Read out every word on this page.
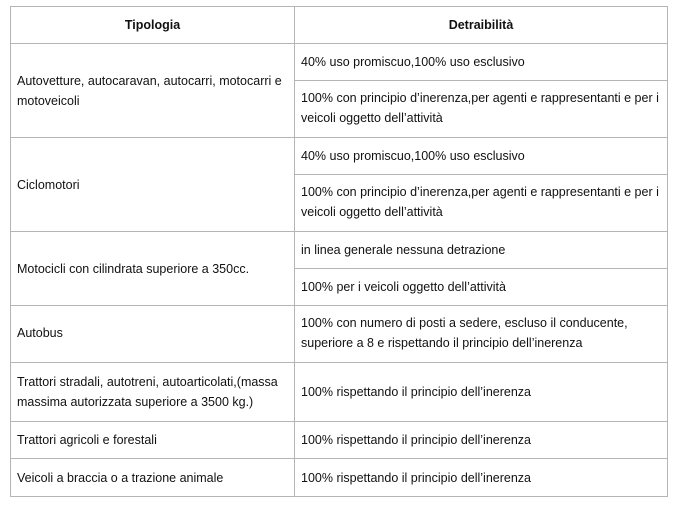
Tipologia	Detraibilità
Autovetture, autocaravan, autocarri, motocarri e motoveicoli	40% uso promiscuo,100% uso esclusivo
	100% con principio d’inerenza,per agenti e rappresentanti e per i veicoli oggetto dell’attività
Ciclomotori	40% uso promiscuo,100% uso esclusivo
	100% con principio d’inerenza,per agenti e rappresentanti e per i veicoli oggetto dell’attività
Motocicli con cilindrata superiore a 350cc.	in linea generale nessuna detrazione
	100% per i veicoli oggetto dell’attività
Autobus	100% con numero di posti a sedere, escluso il conducente, superiore a 8 e rispettando il principio dell’inerenza
Trattori stradali, autotreni, autoarticolati,(massa massima autorizzata superiore a 3500 kg.)	100% rispettando il principio dell’inerenza
Trattori agricoli e forestali	100% rispettando il principio dell’inerenza
Veicoli a braccia o a trazione animale	100% rispettando il principio dell’inerenza
